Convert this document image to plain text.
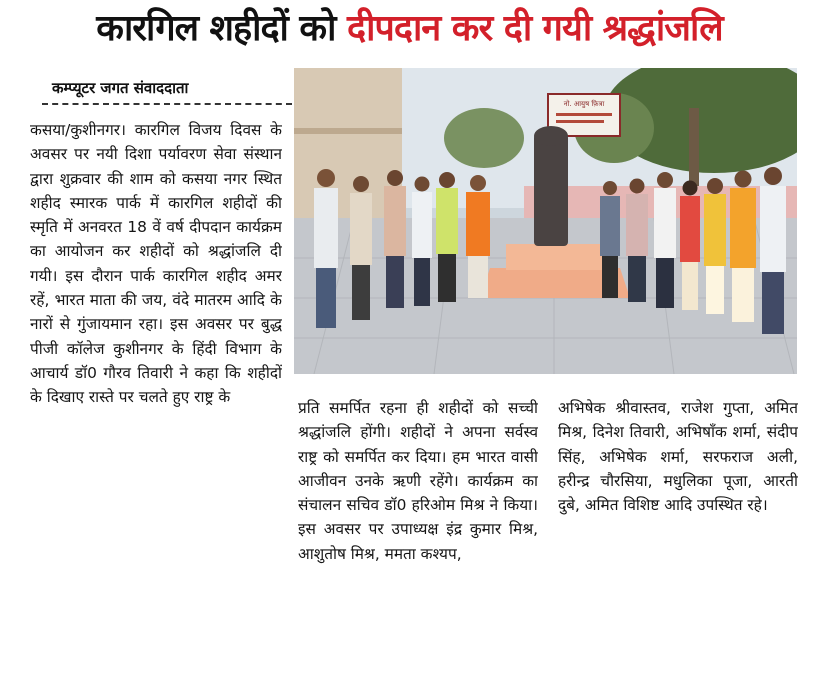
कारगिल शहीदों को दीपदान कर दी गयी श्रद्धांजलि
कम्प्यूटर जगत संवाददाता
कसया/कुशीनगर। कारगिल विजय दिवस के अवसर पर नयी दिशा पर्यावरण सेवा संस्थान द्वारा शुक्रवार की शाम को कसया नगर स्थित शहीद स्मारक पार्क में कारगिल शहीदों की स्मृति में अनवरत 18 वें वर्ष दीपदान कार्यक्रम का आयोजन कर शहीदों को श्रद्धांजलि दी गयी। इस दौरान पार्क कारगिल शहीद अमर रहें, भारत माता की जय, वंदे मातरम आदि के नारों से गुंजायमान रहा। इस अवसर पर बुद्ध पीजी कॉलेज कुशीनगर के हिंदी विभाग के आचार्य डॉ0 गौरव तिवारी ने कहा कि शहीदों के दिखाए रास्ते पर चलते हुए राष्ट्र के
नो. आयुष फ़ित्रा
प्रति समर्पित रहना ही शहीदों को सच्ची श्रद्धांजलि होंगी। शहीदों ने अपना सर्वस्व राष्ट्र को समर्पित कर दिया। हम भारत वासी आजीवन उनके ऋणी रहेंगे। कार्यक्रम का संचालन सचिव डॉ0 हरिओम मिश्र ने किया। इस अवसर पर उपाध्यक्ष इंद्र कुमार मिश्र, आशुतोष मिश्र, ममता कश्यप,
अभिषेक श्रीवास्तव, राजेश गुप्ता, अमित मिश्र, दिनेश तिवारी, अभिषाँक शर्मा, संदीप सिंह, अभिषेक शर्मा, सरफराज अली, हरीन्द्र चौरसिया, मधुलिका पूजा, आरती दुबे, अमित विशिष्ट आदि उपस्थित रहे।
